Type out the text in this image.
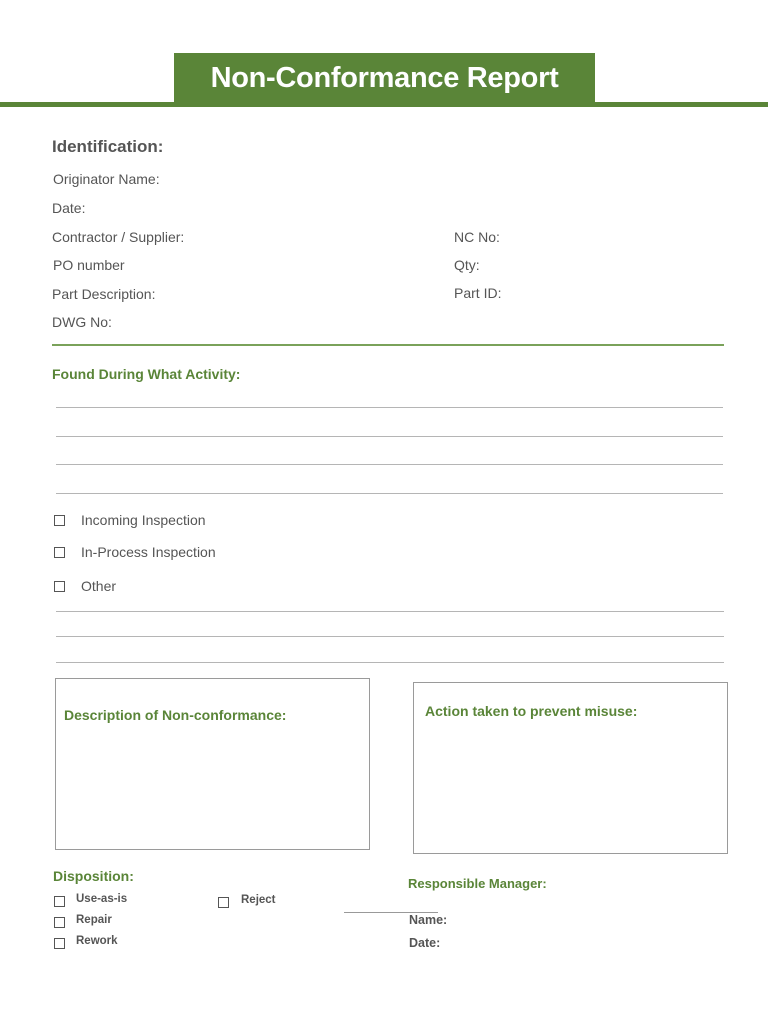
Non-Conformance Report
Identification:
Originator Name:
Date:
Contractor / Supplier:
PO number
Part Description:
DWG No:
NC No:
Qty:
Part ID:
Found During What Activity:
Incoming Inspection
In-Process Inspection
Other
Description of Non-conformance:	Action taken to prevent misuse:
Disposition:
Use-as-is
Repair
Rework
Reject
Responsible Manager:
Name:
Date:
